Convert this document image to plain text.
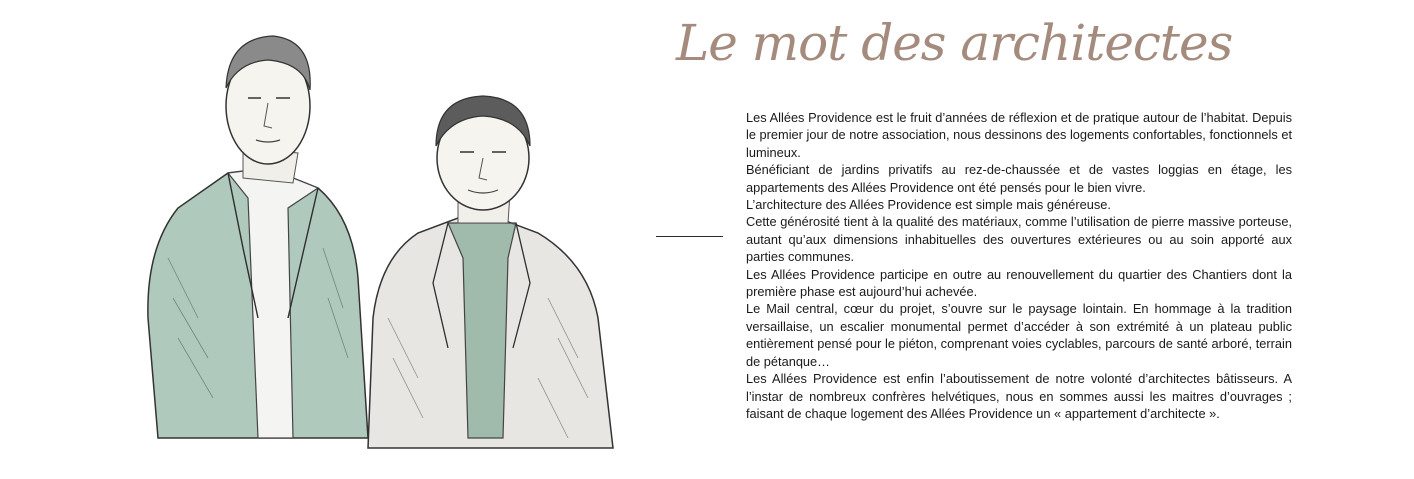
Le mot des architectes

Les Allées Providence est le fruit d’années de réflexion et de pratique autour de l’habitat. Depuis le premier jour de notre association, nous dessinons des logements confortables, fonctionnels et lumineux.

Bénéficiant de jardins privatifs au rez-de-chaussée et de vastes loggias en étage, les appartements des Allées Providence ont été pensés pour le bien vivre.

L’architecture des Allées Providence est simple mais généreuse.

Cette générosité tient à la qualité des matériaux, comme l’utilisation de pierre massive porteuse, autant qu’aux dimensions inhabituelles des ouvertures extérieures ou au soin apporté aux parties communes.

Les Allées Providence participe en outre au renouvellement du quartier des Chantiers dont la première phase est aujourd’hui achevée.

Le Mail central, cœur du projet, s’ouvre sur le paysage lointain. En hommage à la tradition versaillaise, un escalier monumental permet d’accéder à son extrémité à un plateau public entièrement pensé pour le piéton, comprenant voies cyclables, parcours de santé arboré, terrain de pétanque…

Les Allées Providence est enfin l’aboutissement de notre volonté d’architectes bâtisseurs. A l’instar de nombreux confrères helvétiques, nous en sommes aussi les maitres d’ouvrages ; faisant de chaque logement des Allées Providence un « appartement d’architecte ».
